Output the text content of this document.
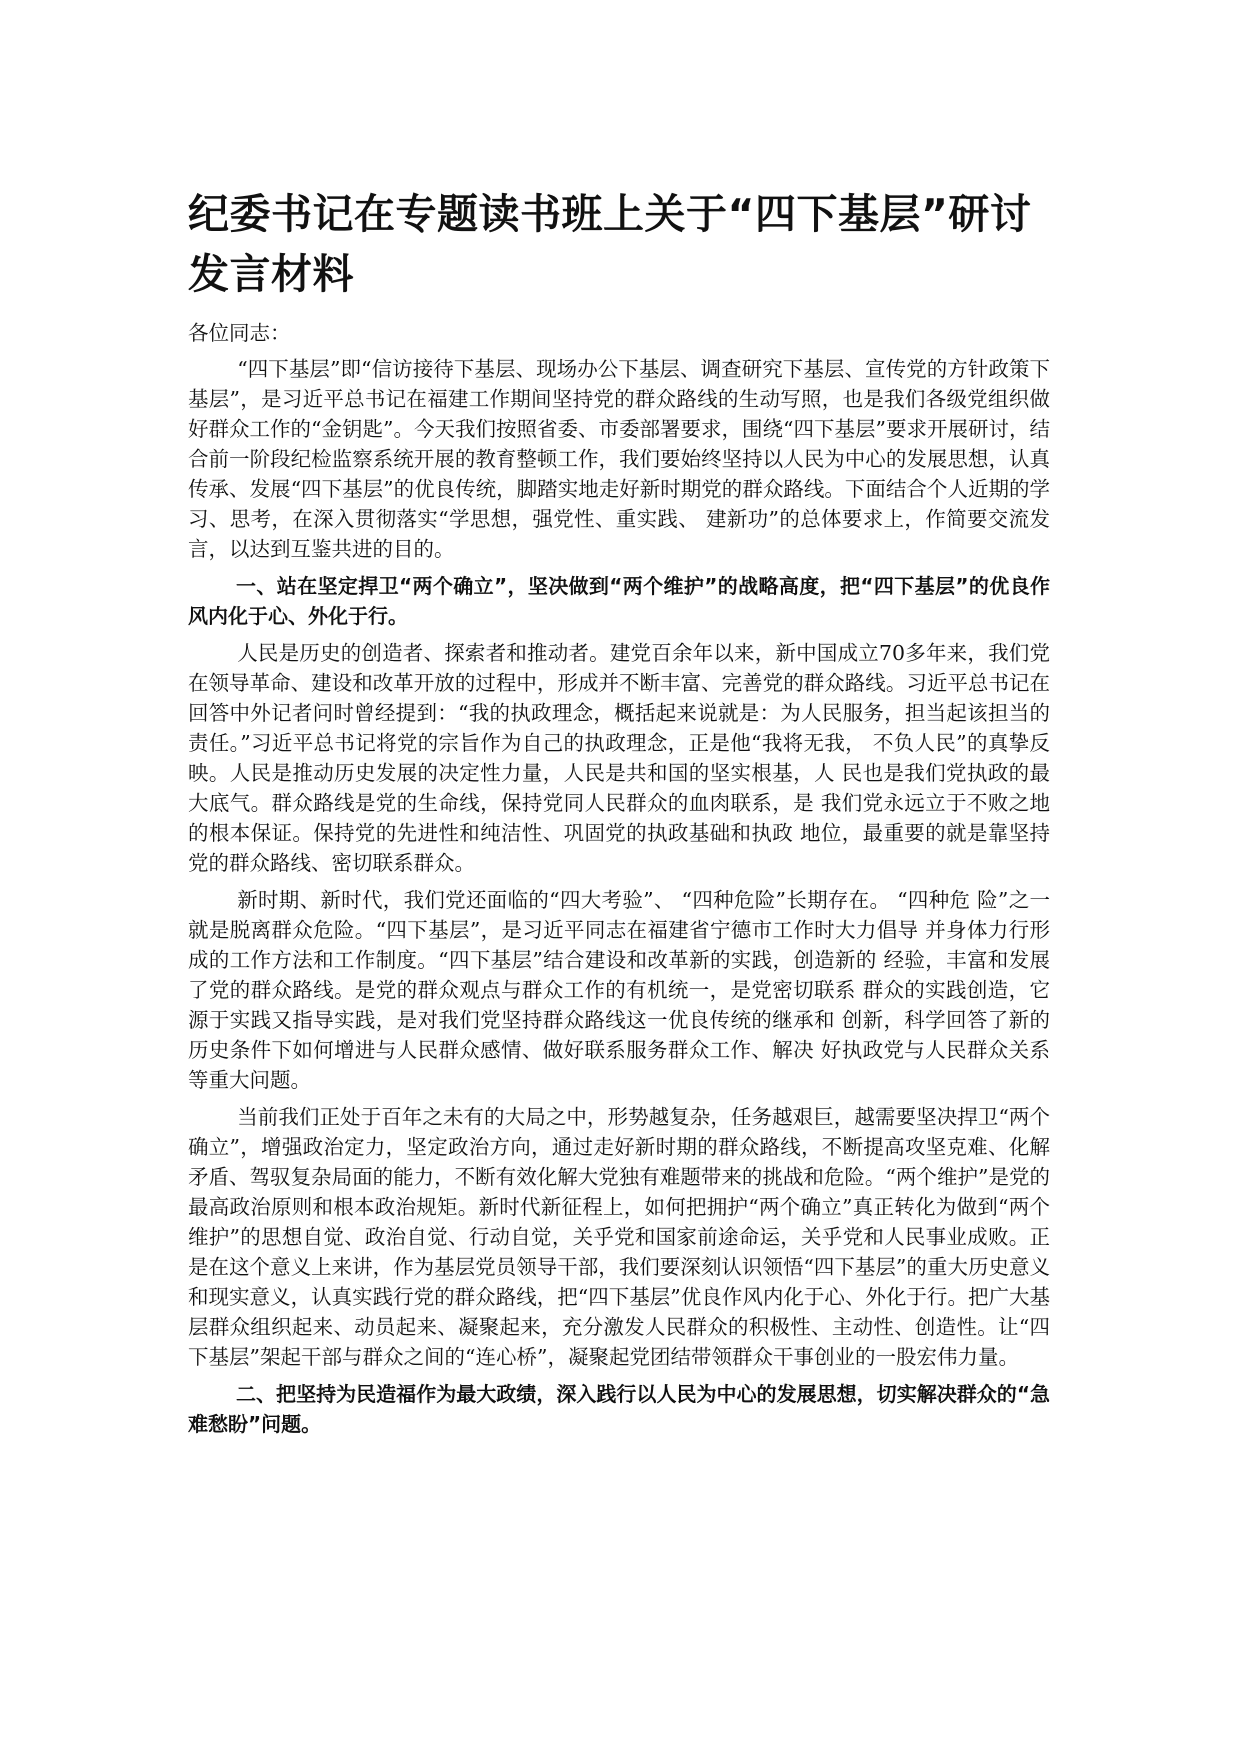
纪委书记在专题读书班上关于“四下基层”研讨发言材料

各位同志：

“四下基层”即“信访接待下基层、现场办公下基层、调查研究下基层、宣传党的方针政策下基层”，是习近平总书记在福建工作期间坚持党的群众路线的生动写照，也是我们各级党组织做好群众工作的“金钥匙”。今天我们按照省委、市委部署要求，围绕“四下基层”要求开展研讨，结合前一阶段纪检监察系统开展的教育整顿工作，我们要始终坚持以人民为中心的发展思想，认真传承、发展“四下基层”的优良传统，脚踏实地走好新时期党的群众路线。下面结合个人近期的学习、思考，在深入贯彻落实“学思想，强党性、重实践、 建新功”的总体要求上，作简要交流发言，以达到互鉴共进的目的。

一、站在坚定捍卫“两个确立”，坚决做到“两个维护”的战略高度，把“四下基层”的优良作风内化于心、外化于行。

人民是历史的创造者、探索者和推动者。建党百余年以来，新中国成立70多年来，我们党在领导革命、建设和改革开放的过程中，形成并不断丰富、完善党的群众路线。习近平总书记在回答中外记者问时曾经提到：“我的执政理念，概括起来说就是：为人民服务，担当起该担当的责任。”习近平总书记将党的宗旨作为自己的执政理念，正是他“我将无我， 不负人民”的真挚反映。人民是推动历史发展的决定性力量，人民是共和国的坚实根基，人 民也是我们党执政的最大底气。群众路线是党的生命线，保持党同人民群众的血肉联系，是 我们党永远立于不败之地的根本保证。保持党的先进性和纯洁性、巩固党的执政基础和执政 地位，最重要的就是靠坚持党的群众路线、密切联系群众。

新时期、新时代，我们党还面临的“四大考验”、 “四种危险”长期存在。 “四种危 险”之一就是脱离群众危险。“四下基层”，是习近平同志在福建省宁德市工作时大力倡导 并身体力行形成的工作方法和工作制度。“四下基层”结合建设和改革新的实践，创造新的 经验，丰富和发展了党的群众路线。是党的群众观点与群众工作的有机统一，是党密切联系 群众的实践创造，它源于实践又指导实践，是对我们党坚持群众路线这一优良传统的继承和 创新，科学回答了新的历史条件下如何增进与人民群众感情、做好联系服务群众工作、解决 好执政党与人民群众关系等重大问题。

当前我们正处于百年之未有的大局之中，形势越复杂，任务越艰巨，越需要坚决捍卫“两个确立”，增强政治定力，坚定政治方向，通过走好新时期的群众路线，不断提高攻坚克难、化解矛盾、驾驭复杂局面的能力，不断有效化解大党独有难题带来的挑战和危险。“两个维护”是党的最高政治原则和根本政治规矩。新时代新征程上，如何把拥护“两个确立”真正转化为做到“两个维护”的思想自觉、政治自觉、行动自觉，关乎党和国家前途命运，关乎党和人民事业成败。正是在这个意义上来讲，作为基层党员领导干部，我们要深刻认识领悟“四下基层”的重大历史意义和现实意义，认真实践行党的群众路线，把“四下基层”优良作风内化于心、外化于行。把广大基层群众组织起来、动员起来、凝聚起来，充分激发人民群众的积极性、主动性、创造性。让“四下基层”架起干部与群众之间的“连心桥”，凝聚起党团结带领群众干事创业的一股宏伟力量。

二、把坚持为民造福作为最大政绩，深入践行以人民为中心的发展思想，切实解决群众的“急难愁盼”问题。
